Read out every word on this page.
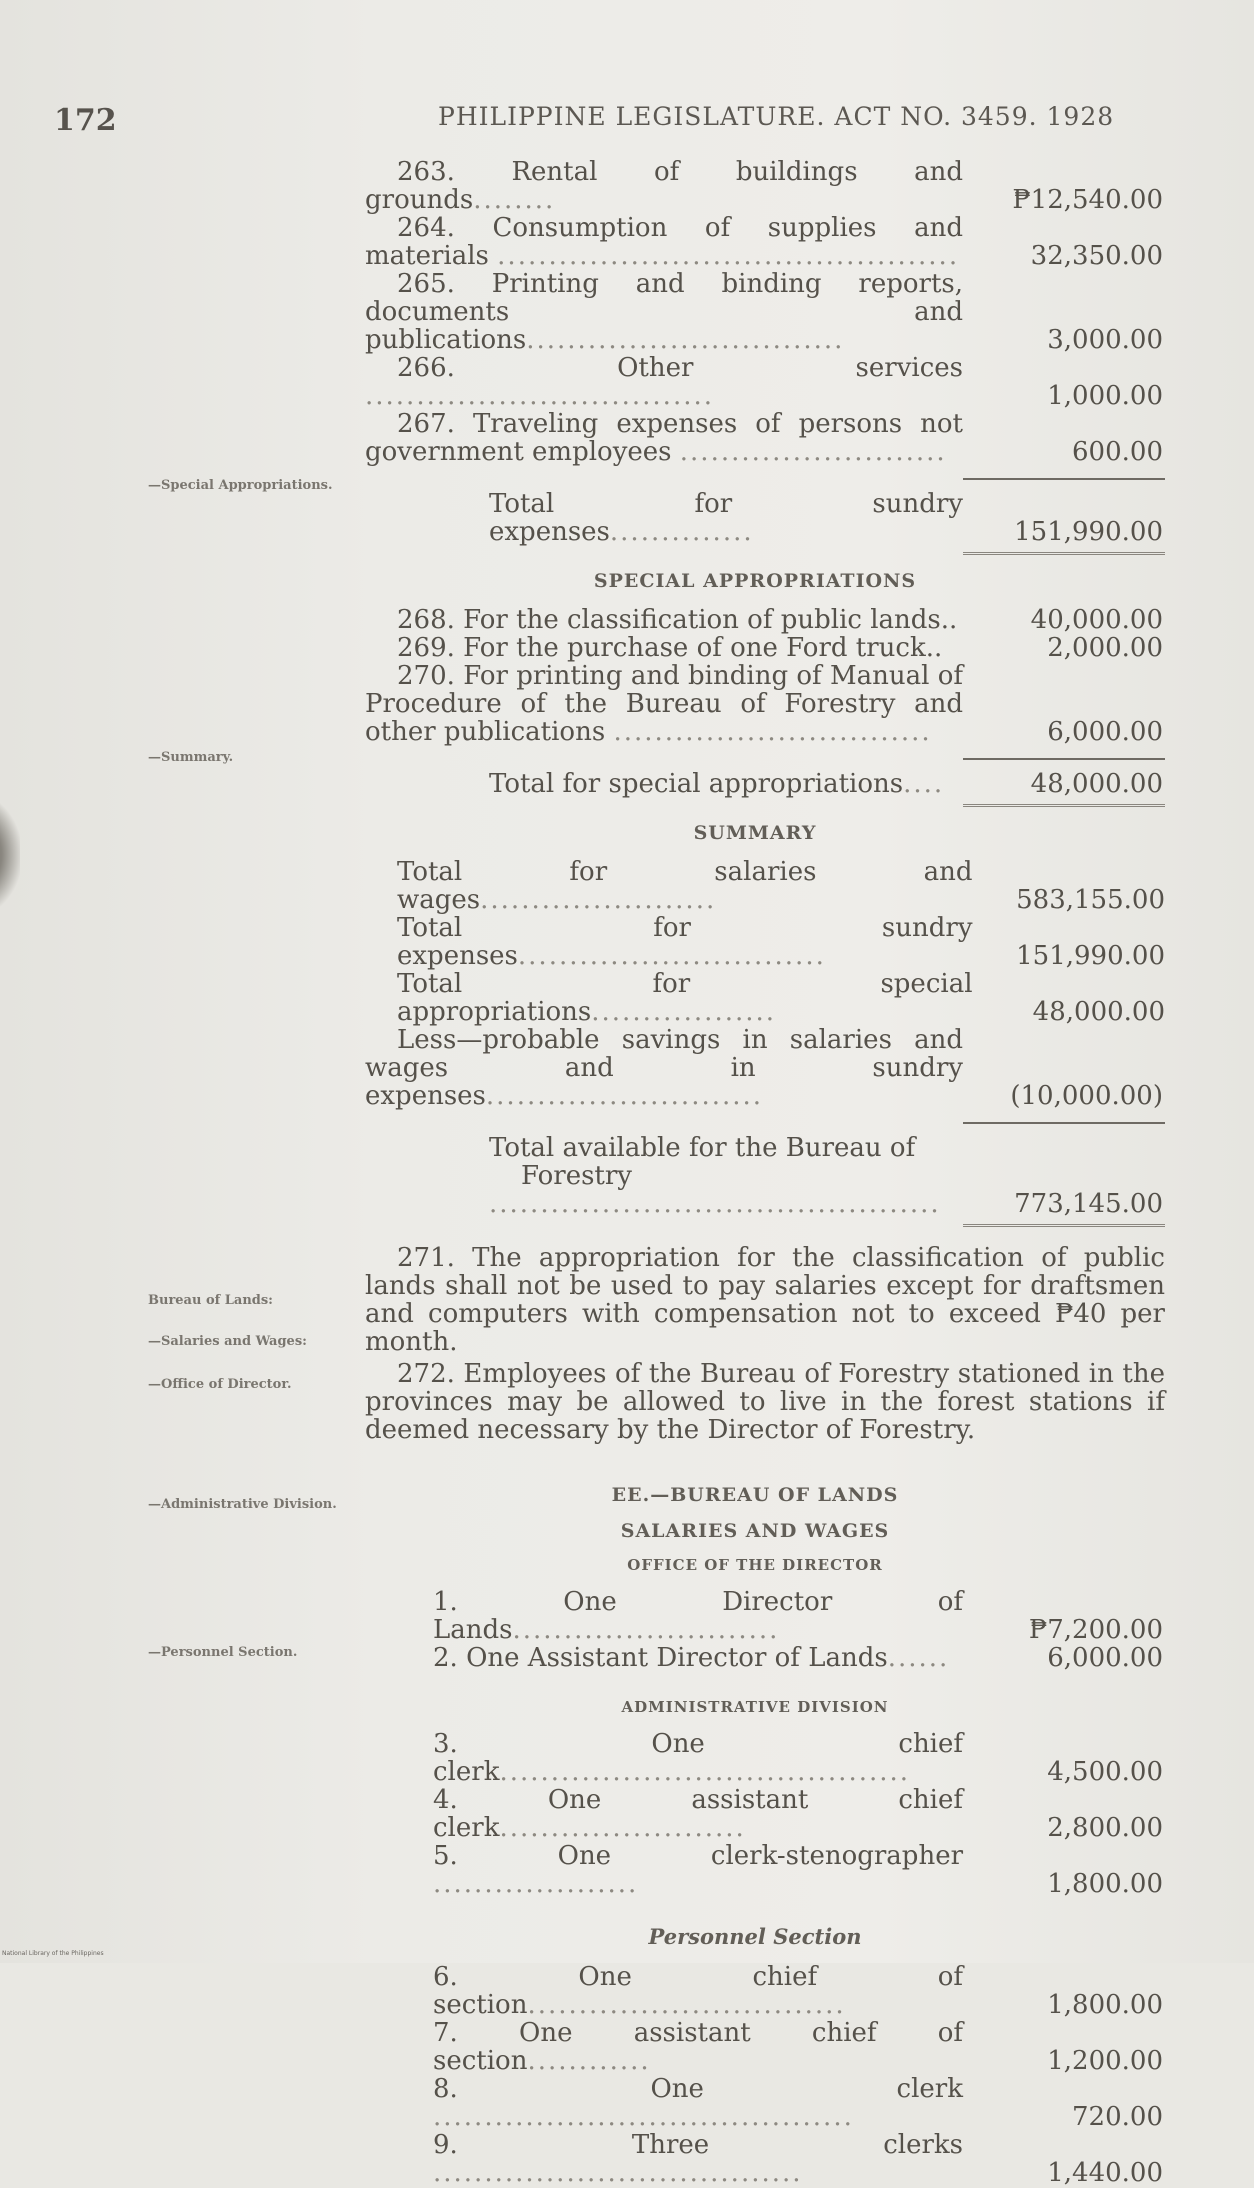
172	PHILIPPINE LEGISLATURE. ACT NO. 3459. 1928
—Special Appropriations.
—Summary.
Bureau of Lands:
—Salaries and Wages:
—Office of Director.
—Administrative Division.
—Personnel Section.
263. Rental of buildings and grounds........	₱12,540.00
264. Consumption of supplies and materials .............................................	32,350.00
265. Printing and binding reports, documents and publications...............................	3,000.00
266.	Other services ..................................	1,000.00
267. Traveling expenses of persons not government employees ..........................	600.00
Total for sundry expenses..............	151,990.00
SPECIAL APPROPRIATIONS
268. For the classification of public lands..	40,000.00
269. For the purchase of one Ford truck..	2,000.00
270. For printing and binding of Manual of Procedure of the Bureau of Forestry and other publications ...............................	6,000.00
Total for special appropriations....	48,000.00
SUMMARY
Total for salaries and wages.......................	583,155.00
Total for sundry expenses..............................	151,990.00
Total for special appropriations..................	48,000.00
Less—probable savings in salaries and wages and in sundry expenses...........................	(10,000.00)
Total available for the Bureau of
Forestry ............................................	773,145.00
271. The appropriation for the classification of public lands shall not be used to pay salaries except for draftsmen and computers with compensation not to exceed ₱40 per month.
272. Employees of the Bureau of Forestry stationed in the provinces may be allowed to live in the forest stations if deemed necessary by the Director of Forestry.
EE.—BUREAU OF LANDS
SALARIES AND WAGES
OFFICE OF THE DIRECTOR
1.	One Director of Lands..........................	₱7,200.00
2. One Assistant Director of Lands......	6,000.00
ADMINISTRATIVE DIVISION
3.	One chief clerk........................................	4,500.00
4.	One assistant chief clerk........................	2,800.00
5.	One clerk-stenographer ....................	1,800.00
Personnel Section
6.	One chief of section...............................	1,800.00
7. One assistant chief of section............	1,200.00
8.	One clerk .........................................	720.00
9.	Three clerks ....................................	1,440.00
National Library of the Philippines
